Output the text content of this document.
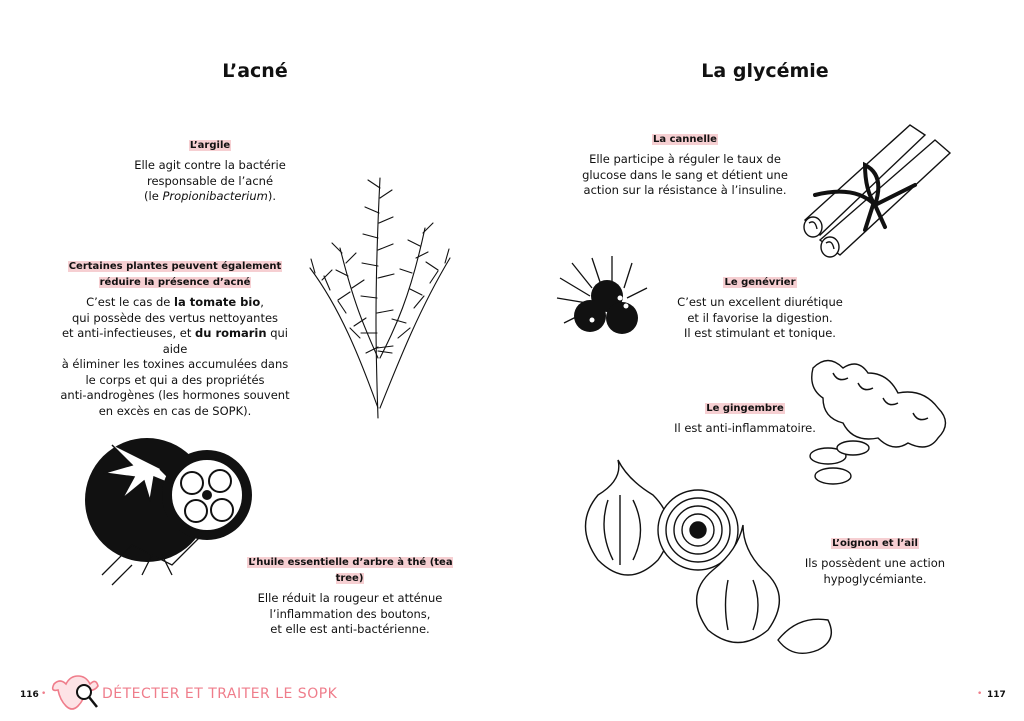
L’acné
L’argile

Elle agit contre la bactérie
responsable de l’acné
(le Propionibacterium).

Certaines plantes peuvent également
réduire la présence d’acné

C’est le cas de la tomate bio,
qui possède des vertus nettoyantes
et anti-infectieuses, et du romarin qui aide
à éliminer les toxines accumulées dans
le corps et qui a des propriétés
anti-androgènes (les hormones souvent
en excès en cas de SOPK).

L’huile essentielle d’arbre à thé (tea tree)

Elle réduit la rougeur et atténue
l’inflammation des boutons,
et elle est anti-bactérienne.

La glycémie
La cannelle

Elle participe à réguler le taux de
glucose dans le sang et détient une
action sur la résistance à l’insuline.

Le genévrier

C’est un excellent diurétique
et il favorise la digestion.
Il est stimulant et tonique.

Le gingembre

Il est anti-inflammatoire.

L’oignon et l’ail

Ils possèdent une action
hypoglycémiante.

116 •	DÉTECTER ET TRAITER LE SOPK	• 117
